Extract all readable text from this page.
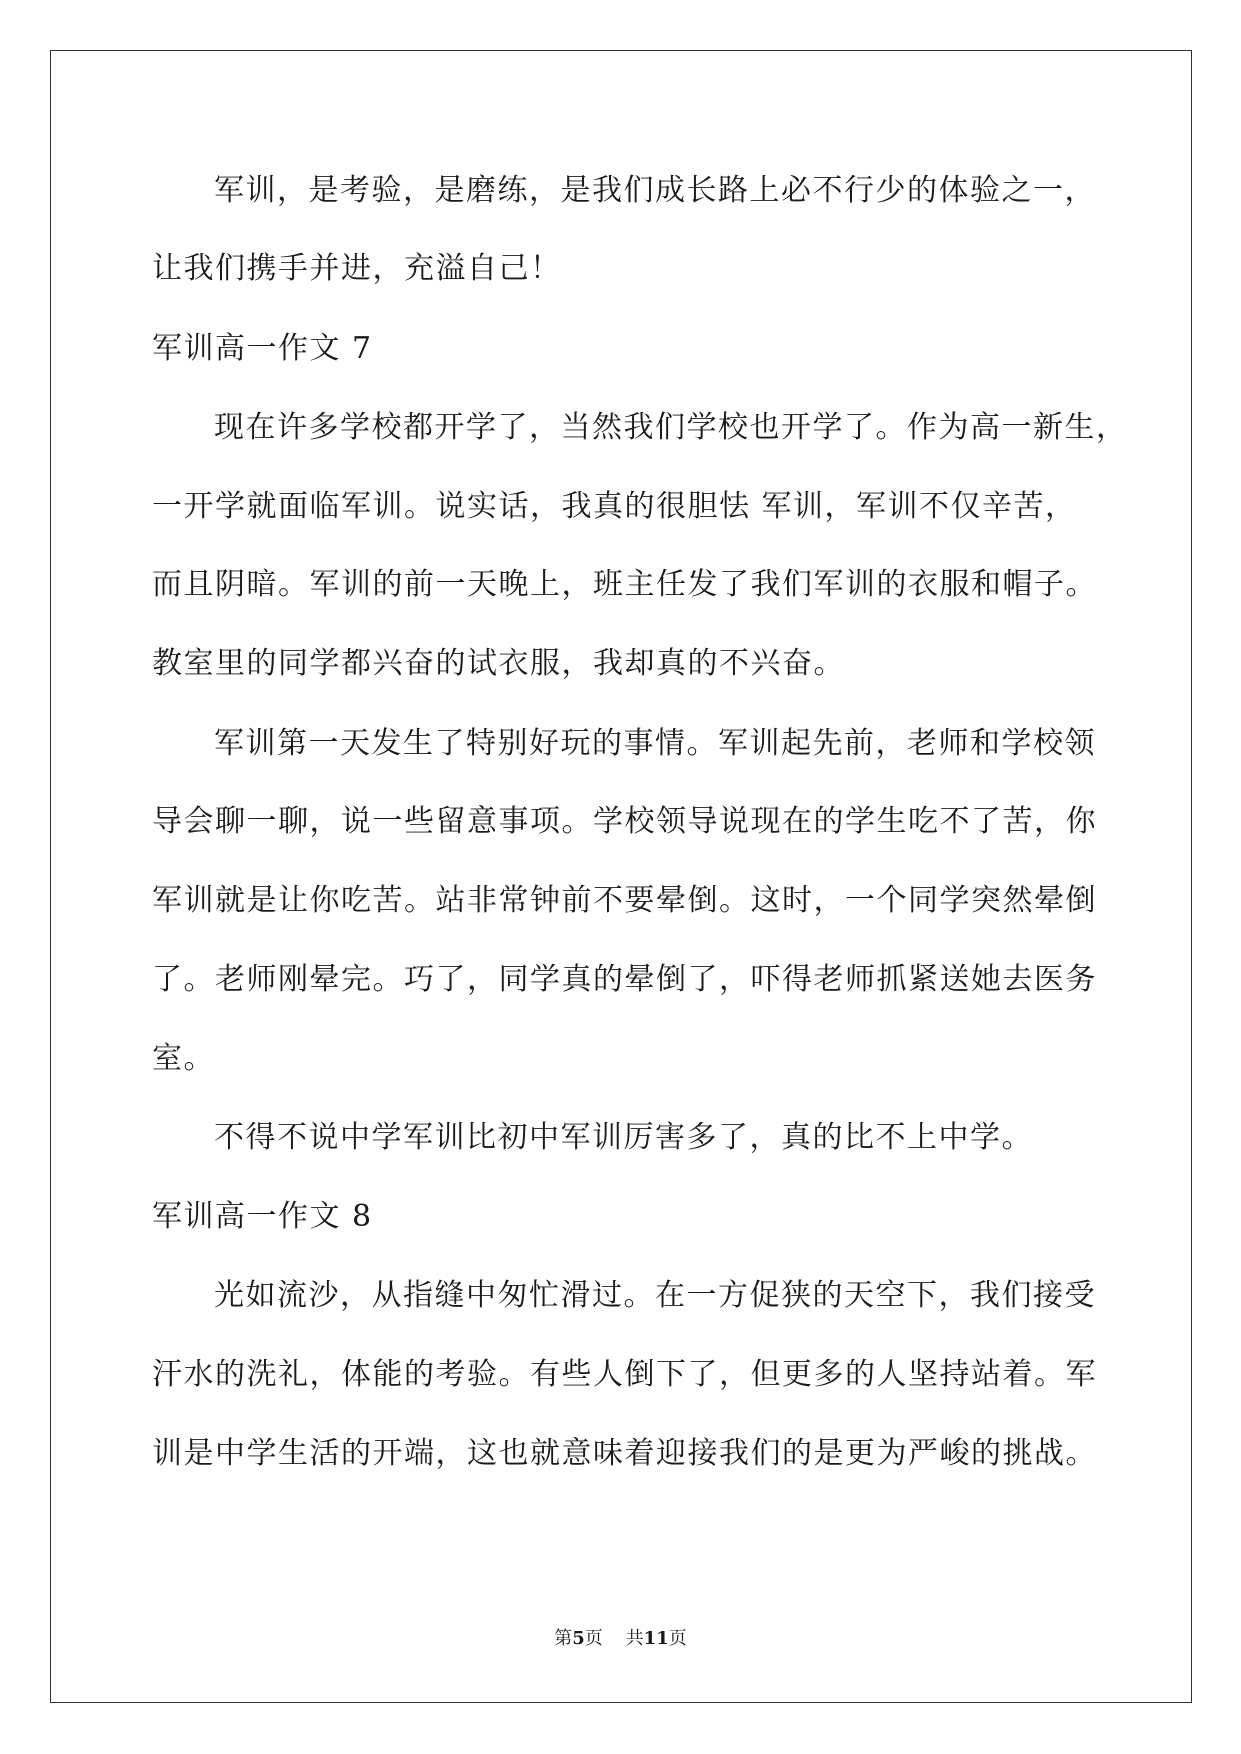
军训，是考验，是磨练，是我们成长路上必不行少的体验之一，
让我们携手并进，充溢自己！
军训高一作文 7
现在许多学校都开学了，当然我们学校也开学了。作为高一新生，
一开学就面临军训。说实话，我真的很胆怯 军训，军训不仅辛苦，
而且阴暗。军训的前一天晚上，班主任发了我们军训的衣服和帽子。
教室里的同学都兴奋的试衣服，我却真的不兴奋。
军训第一天发生了特别好玩的事情。军训起先前，老师和学校领
导会聊一聊，说一些留意事项。学校领导说现在的学生吃不了苦，你
军训就是让你吃苦。站非常钟前不要晕倒。这时，一个同学突然晕倒
了。老师刚晕完。巧了，同学真的晕倒了，吓得老师抓紧送她去医务
室。
不得不说中学军训比初中军训厉害多了，真的比不上中学。
军训高一作文 8
光如流沙，从指缝中匆忙滑过。在一方促狭的天空下，我们接受
汗水的洗礼，体能的考验。有些人倒下了，但更多的人坚持站着。军
训是中学生活的开端，这也就意味着迎接我们的是更为严峻的挑战。
第5页 共11页
